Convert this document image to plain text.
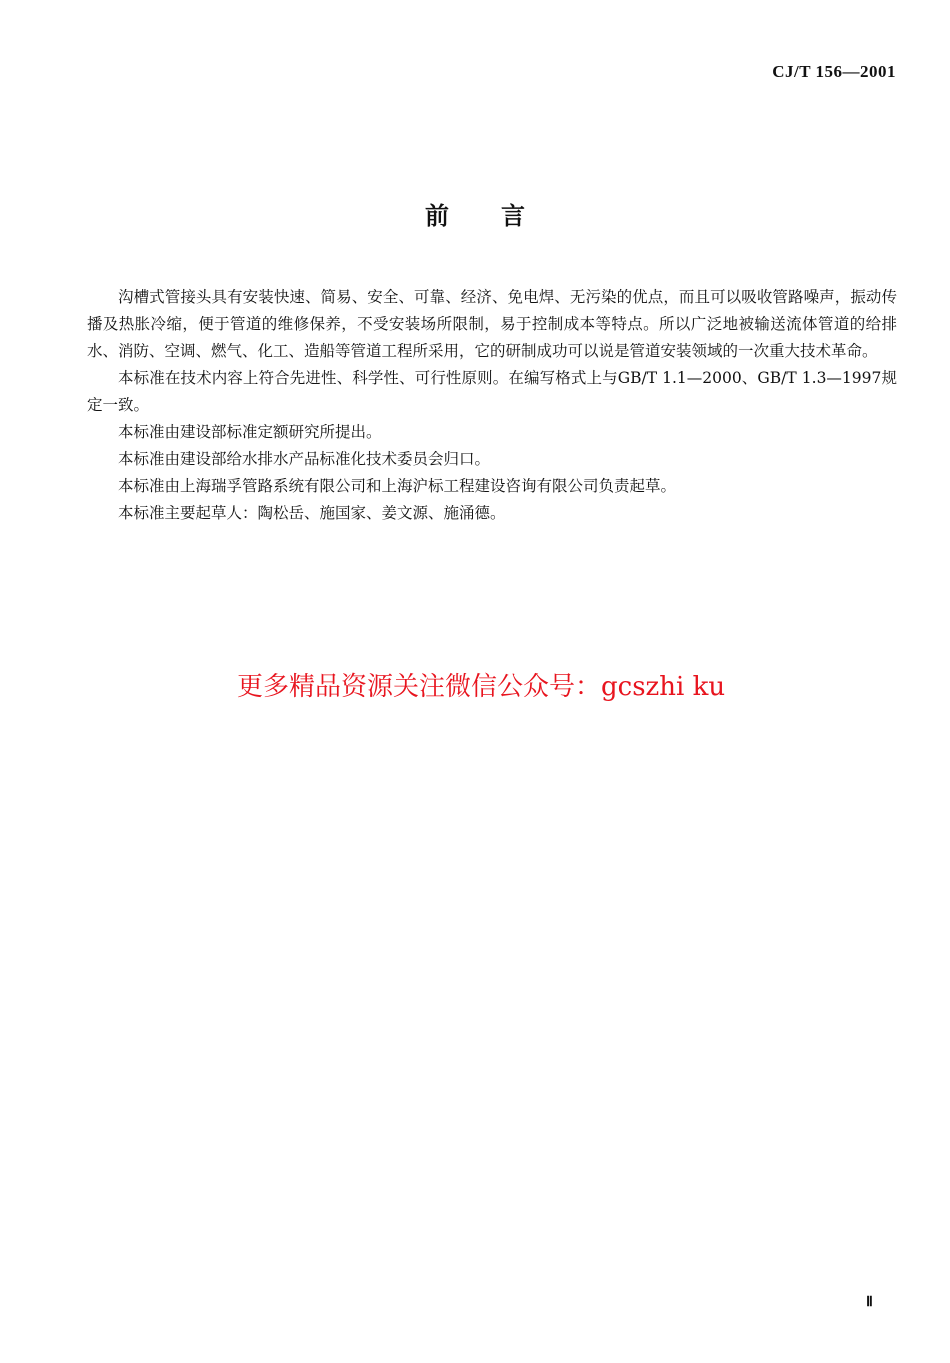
CJ/T 156—2001
前言

沟槽式管接头具有安装快速、简易、安全、可靠、经济、免电焊、无污染的优点，而且可以吸收管路噪声，振动传播及热胀冷缩，便于管道的维修保养，不受安装场所限制，易于控制成本等特点。所以广泛地被输送流体管道的给排水、消防、空调、燃气、化工、造船等管道工程所采用，它的研制成功可以说是管道安装领域的一次重大技术革命。

本标准在技术内容上符合先进性、科学性、可行性原则。在编写格式上与GB/T 1.1—2000、GB/T 1.3—1997规定一致。

本标准由建设部标准定额研究所提出。

本标准由建设部给水排水产品标准化技术委员会归口。

本标准由上海瑞孚管路系统有限公司和上海沪标工程建设咨询有限公司负责起草。

本标准主要起草人：陶松岳、施国家、姜文源、施涌德。

更多精品资源关注微信公众号：gcszhi ku
Ⅱ
